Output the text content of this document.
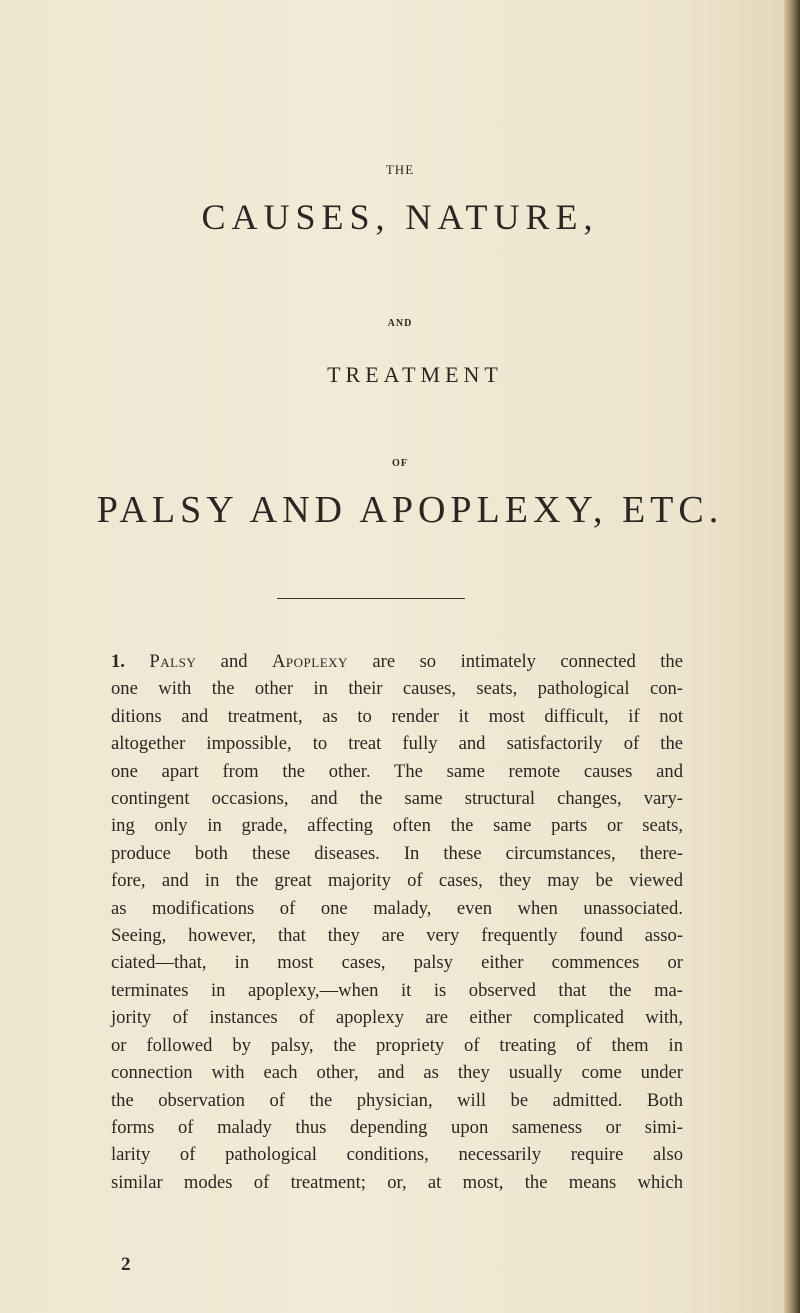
THE

CAUSES, NATURE,

AND

TREATMENT

OF

PALSY AND APOPLEXY, ETC.

1. Palsy and Apoplexy are so intimately connected the
one with the other in their causes, seats, pathological con-
ditions and treatment, as to render it most difficult, if not
altogether impossible, to treat fully and satisfactorily of the
one apart from the other. The same remote causes and
contingent occasions, and the same structural changes, vary-
ing only in grade, affecting often the same parts or seats,
produce both these diseases. In these circumstances, there-
fore, and in the great majority of cases, they may be viewed
as modifications of one malady, even when unassociated.
Seeing, however, that they are very frequently found asso-
ciated—that, in most cases, palsy either commences or
terminates in apoplexy,—when it is observed that the ma-
jority of instances of apoplexy are either complicated with,
or followed by palsy, the propriety of treating of them in
connection with each other, and as they usually come under
the observation of the physician, will be admitted. Both
forms of malady thus depending upon sameness or simi-
larity of pathological conditions, necessarily require also
similar modes of treatment; or, at most, the means which
2
